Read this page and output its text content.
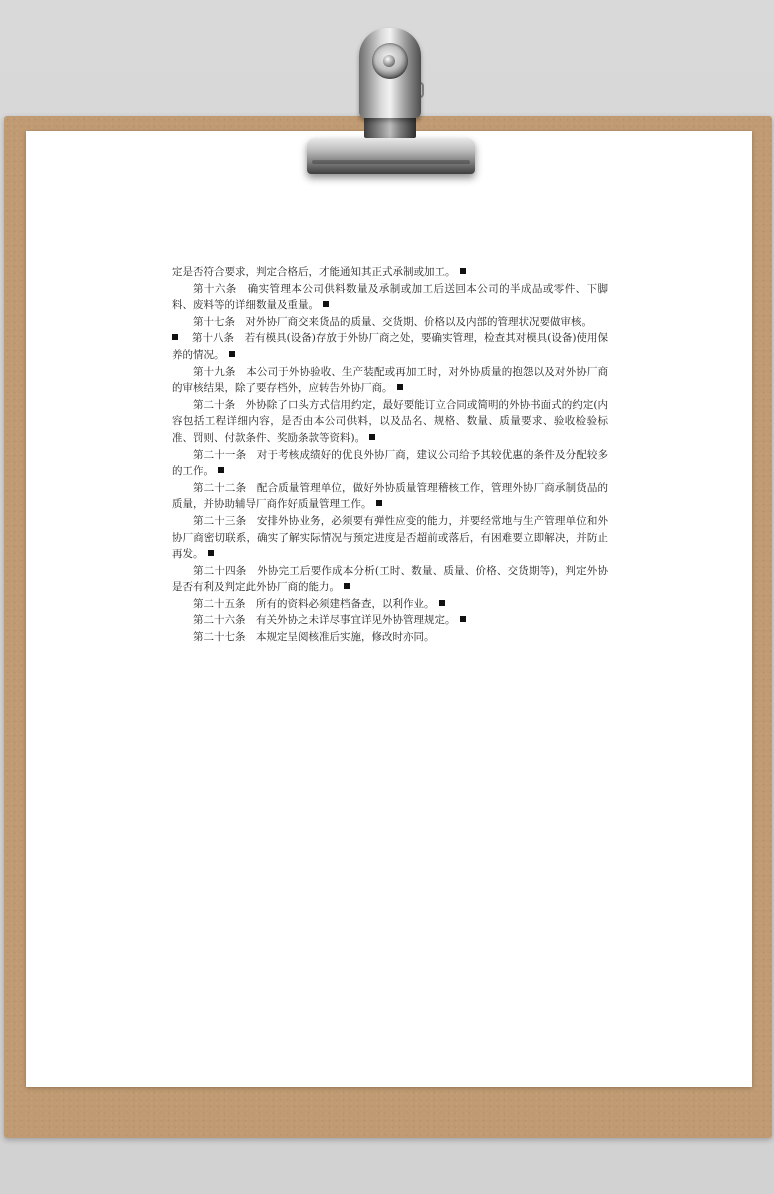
定是否符合要求，判定合格后，才能通知其正式承制或加工。

第十六条　确实管理本公司供料数量及承制或加工后送回本公司的半成品或零件、下脚料、废料等的详细数量及重量。

第十七条　对外协厂商交来货品的质量、交货期、价格以及内部的管理状况要做审核。

第十八条　若有模具(设备)存放于外协厂商之处，要确实管理，检查其对模具(设备)使用保养的情况。

第十九条　本公司于外协验收、生产装配或再加工时，对外协质量的抱怨以及对外协厂商的审核结果，除了要存档外，应转告外协厂商。

第二十条　外协除了口头方式信用约定，最好要能订立合同或简明的外协书面式的约定(内容包括工程详细内容，是否由本公司供料，以及品名、规格、数量、质量要求、验收检验标准、罚则、付款条件、奖励条款等资料)。

第二十一条　对于考核成绩好的优良外协厂商，建议公司给予其较优惠的条件及分配较多的工作。

第二十二条　配合质量管理单位，做好外协质量管理稽核工作，管理外协厂商承制货品的质量，并协助辅导厂商作好质量管理工作。

第二十三条　安排外协业务，必须要有弹性应变的能力，并要经常地与生产管理单位和外协厂商密切联系，确实了解实际情况与预定进度是否超前或落后，有困难要立即解决，并防止再发。

第二十四条　外协完工后要作成本分析(工时、数量、质量、价格、交货期等)，判定外协是否有利及判定此外协厂商的能力。

第二十五条　所有的资料必须建档备查，以利作业。

第二十六条　有关外协之未详尽事宜详见外协管理规定。

第二十七条　本规定呈阅核准后实施，修改时亦同。
